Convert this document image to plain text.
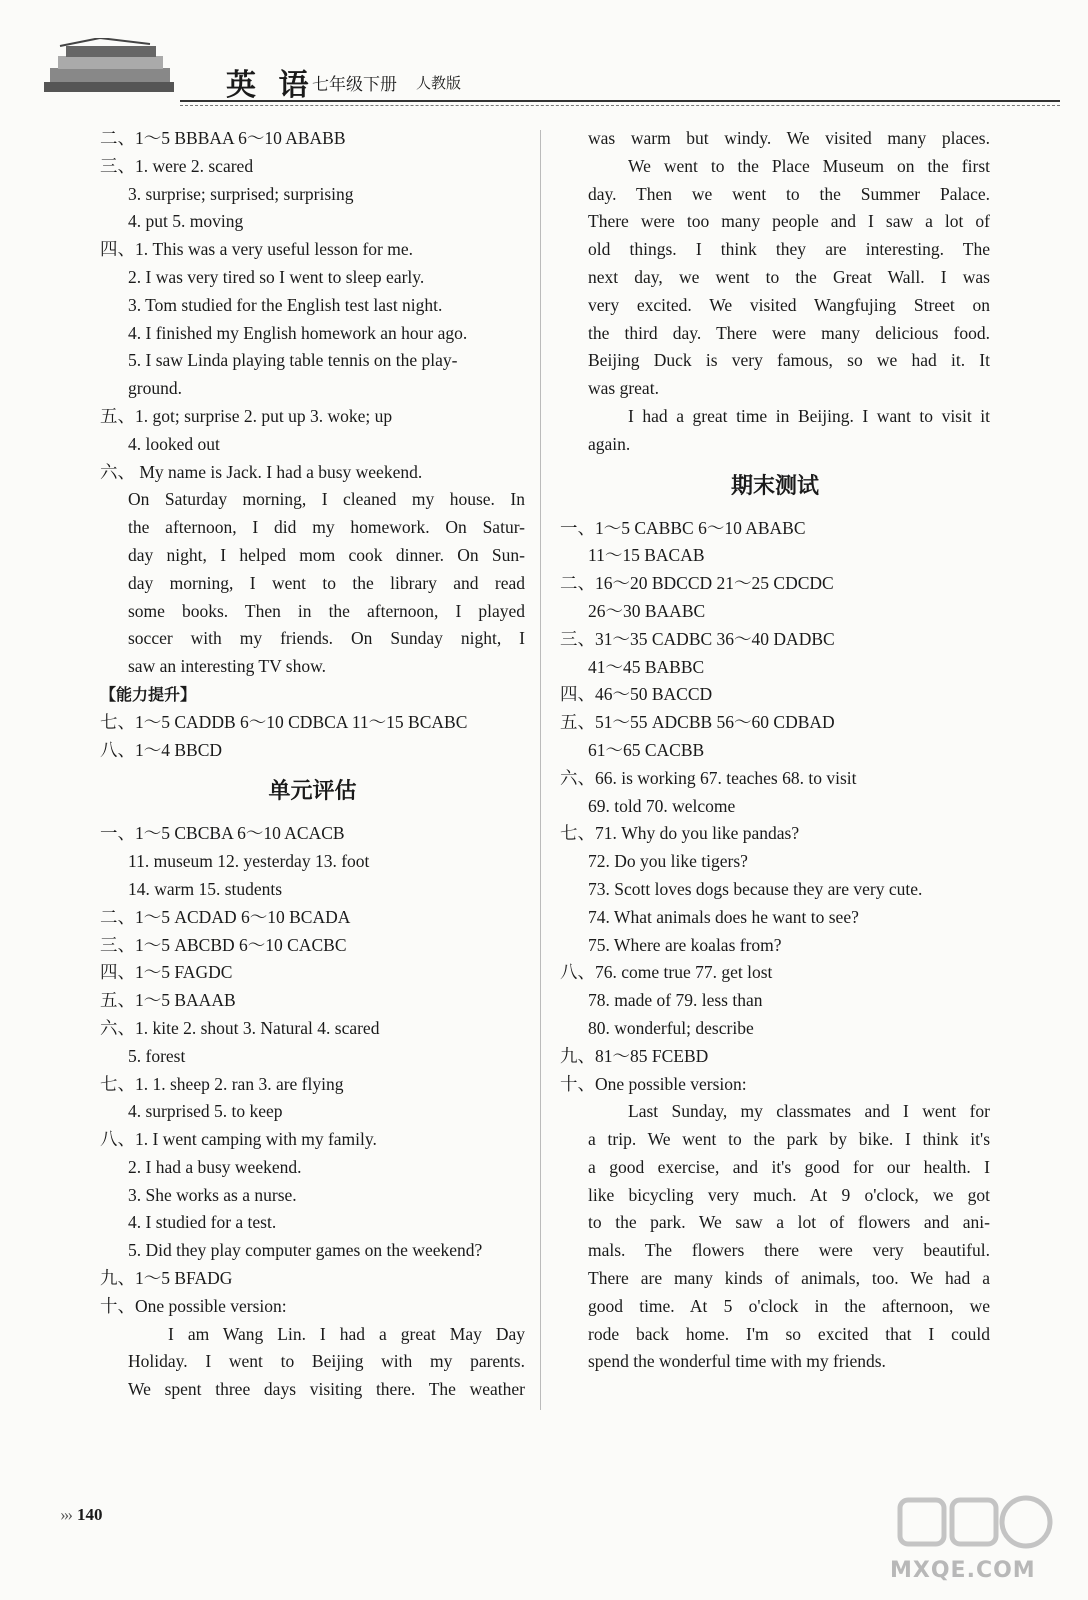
英 语
七年级下册 人教版
二、1～5 BBBAA 6～10 ABABB
三、1. were 2. scared
3. surprise; surprised; surprising
4. put 5. moving
四、1. This was a very useful lesson for me.
2. I was very tired so I went to sleep early.
3. Tom studied for the English test last night.
4. I finished my English homework an hour ago.
5. I saw Linda playing table tennis on the play-
ground.
五、1. got; surprise 2. put up 3. woke; up
4. looked out
六、 My name is Jack. I had a busy weekend.
On Saturday morning, I cleaned my house. In
the afternoon, I did my homework. On Satur-
day night, I helped mom cook dinner. On Sun-
day morning, I went to the library and read
some books. Then in the afternoon, I played
soccer with my friends. On Sunday night, I
saw an interesting TV show.
【能力提升】
七、1～5 CADDB 6～10 CDBCA 11～15 BCABC
八、1～4 BBCD
单元评估
一、1～5 CBCBA 6～10 ACACB
11. museum 12. yesterday 13. foot
14. warm 15. students
二、1～5 ACDAD 6～10 BCADA
三、1～5 ABCBD 6～10 CACBC
四、1～5 FAGDC
五、1～5 BAAAB
六、1. kite 2. shout 3. Natural 4. scared
5. forest
七、1. 1. sheep 2. ran 3. are flying
4. surprised 5. to keep
八、1. I went camping with my family.
2. I had a busy weekend.
3. She works as a nurse.
4. I studied for a test.
5. Did they play computer games on the weekend?
九、1～5 BFADG
十、One possible version:
I am Wang Lin. I had a great May Day
Holiday. I went to Beijing with my parents.
We spent three days visiting there. The weather
was warm but windy. We visited many places.
We went to the Place Museum on the first
day. Then we went to the Summer Palace.
There were too many people and I saw a lot of
old things. I think they are interesting. The
next day, we went to the Great Wall. I was
very excited. We visited Wangfujing Street on
the third day. There were many delicious food.
Beijing Duck is very famous, so we had it. It
was great.
I had a great time in Beijing. I want to visit it
again.
期末测试
一、1～5 CABBC 6～10 ABABC
11～15 BACAB
二、16～20 BDCCD 21～25 CDCDC
26～30 BAABC
三、31～35 CADBC 36～40 DADBC
41～45 BABBC
四、46～50 BACCD
五、51～55 ADCBB 56～60 CDBAD
61～65 CACBB
六、66. is working 67. teaches 68. to visit
69. told 70. welcome
七、71. Why do you like pandas?
72. Do you like tigers?
73. Scott loves dogs because they are very cute.
74. What animals does he want to see?
75. Where are koalas from?
八、76. come true 77. get lost
78. made of 79. less than
80. wonderful; describe
九、81～85 FCEBD
十、One possible version:
Last Sunday, my classmates and I went for
a trip. We went to the park by bike. I think it's
a good exercise, and it's good for our health. I
like bicycling very much. At 9 o'clock, we got
to the park. We saw a lot of flowers and ani-
mals. The flowers there were very beautiful.
There are many kinds of animals, too. We had a
good time. At 5 o'clock in the afternoon, we
rode back home. I'm so excited that I could
spend the wonderful time with my friends.
››› 140
MXQE.COM
